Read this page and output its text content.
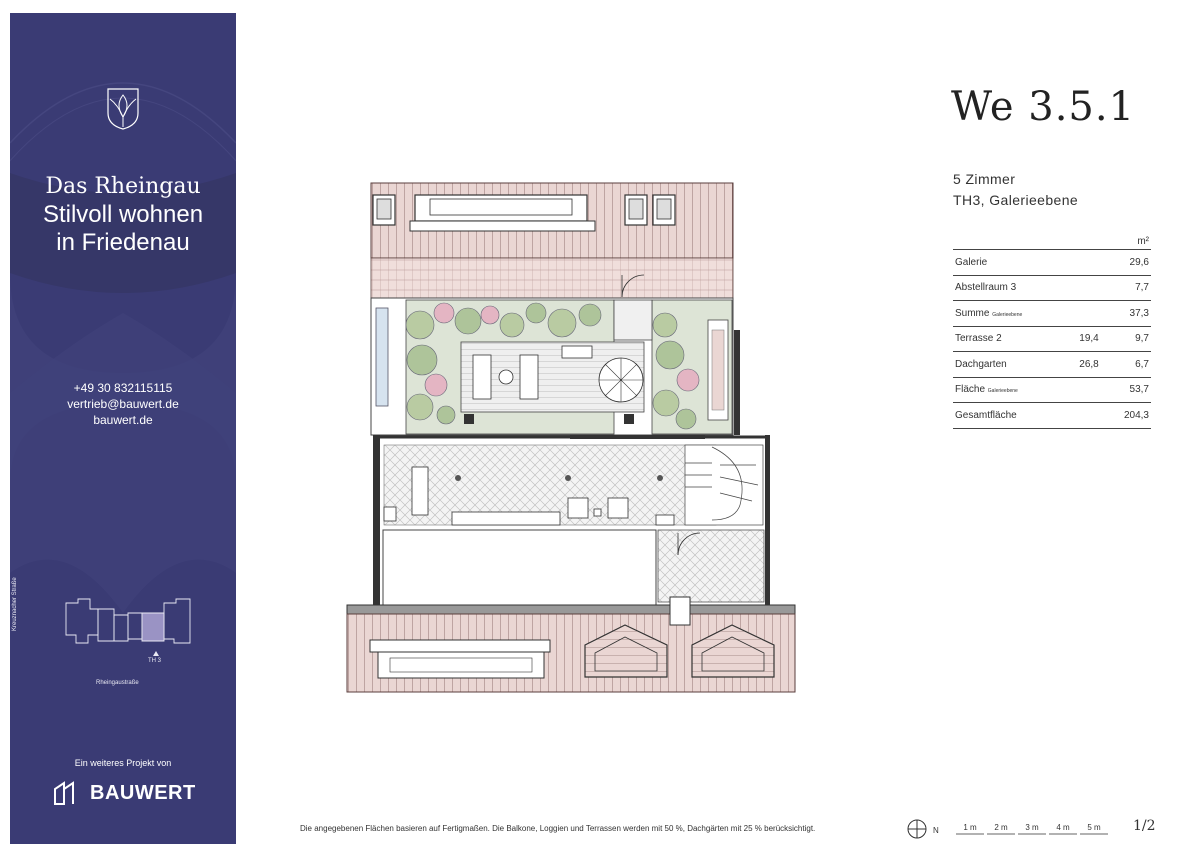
Das Rheingau
Stilvoll wohnen
in Friedenau
+49 30 832115115
vertrieb@bauwert.de
bauwert.de
Kreuznacher Straße
TH 3
Rheingaustraße
Ein weiteres Projekt von
BAUWERT
We 3.5.1
5 Zimmer
TH3, Galerieebene
m²		
Galerie		29,6
Abstellraum 3		7,7
Summe Galerieebene		37,3
Terrasse 2	19,4	9,7
Dachgarten	26,8	6,7
Fläche Galerieebene		53,7
Gesamtfläche		204,3
Die angegebenen Flächen basieren auf Fertigmaßen. Die Balkone, Loggien und Terrassen werden mit 50 %, Dachgärten mit 25 % berücksichtigt.	N	1 m 2 m 3 m 4 m 5 m 1/2
